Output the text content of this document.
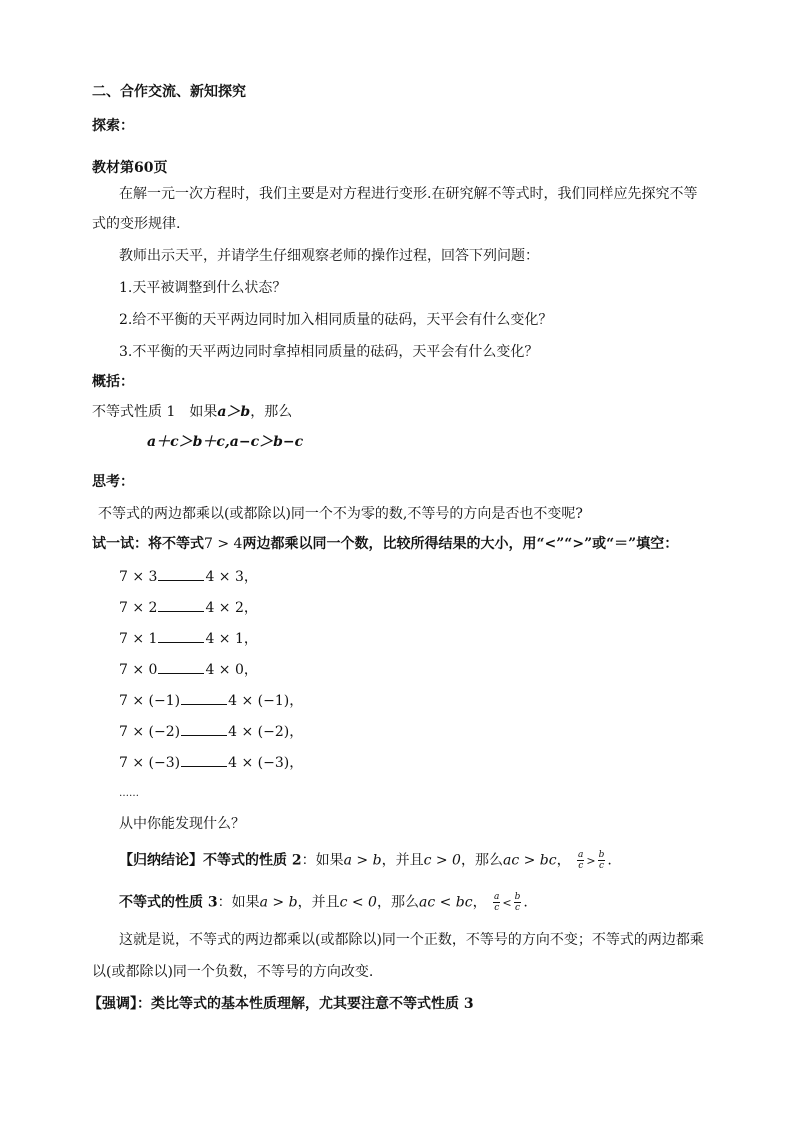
二、合作交流、新知探究
探索：
教材第60页
在解一元一次方程时，我们主要是对方程进行变形.在研究解不等式时，我们同样应先探究不等
式的变形规律.
教师出示天平，并请学生仔细观察老师的操作过程，回答下列问题：
1.天平被调整到什么状态？
2.给不平衡的天平两边同时加入相同质量的砝码，天平会有什么变化？
3.不平衡的天平两边同时拿掉相同质量的砝码，天平会有什么变化？
概括：
不等式性质 1　如果a＞b，那么
a＋c＞b＋c,a−c＞b−c
思考：
不等式的两边都乘以(或都除以)同一个不为零的数,不等号的方向是否也不变呢?
试一试：将不等式7 > 4两边都乘以同一个数，比较所得结果的大小，用“<”“>”或“＝”填空：
7 × 3	4 × 3，
7 × 2	4 × 2，
7 × 1	4 × 1，
7 × 0	4 × 0，
7 × (−1)	4 × (−1)，
7 × (−2)	4 × (−2)，
7 × (−3)	4 × (−3)，
……
从中你能发现什么？
【归纳结论】不等式的性质 2：如果a > b，并且c > 0，那么ac > bc， $\frac{a}{c} > \frac{b}{c}$ .
不等式的性质 3：如果a > b，并且c < 0，那么ac < bc， $\frac{a}{c} < \frac{b}{c}$ .
这就是说，不等式的两边都乘以(或都除以)同一个正数，不等号的方向不变；不等式的两边都乘
以(或都除以)同一个负数，不等号的方向改变.
【强调】：类比等式的基本性质理解，尤其要注意不等式性质 3
